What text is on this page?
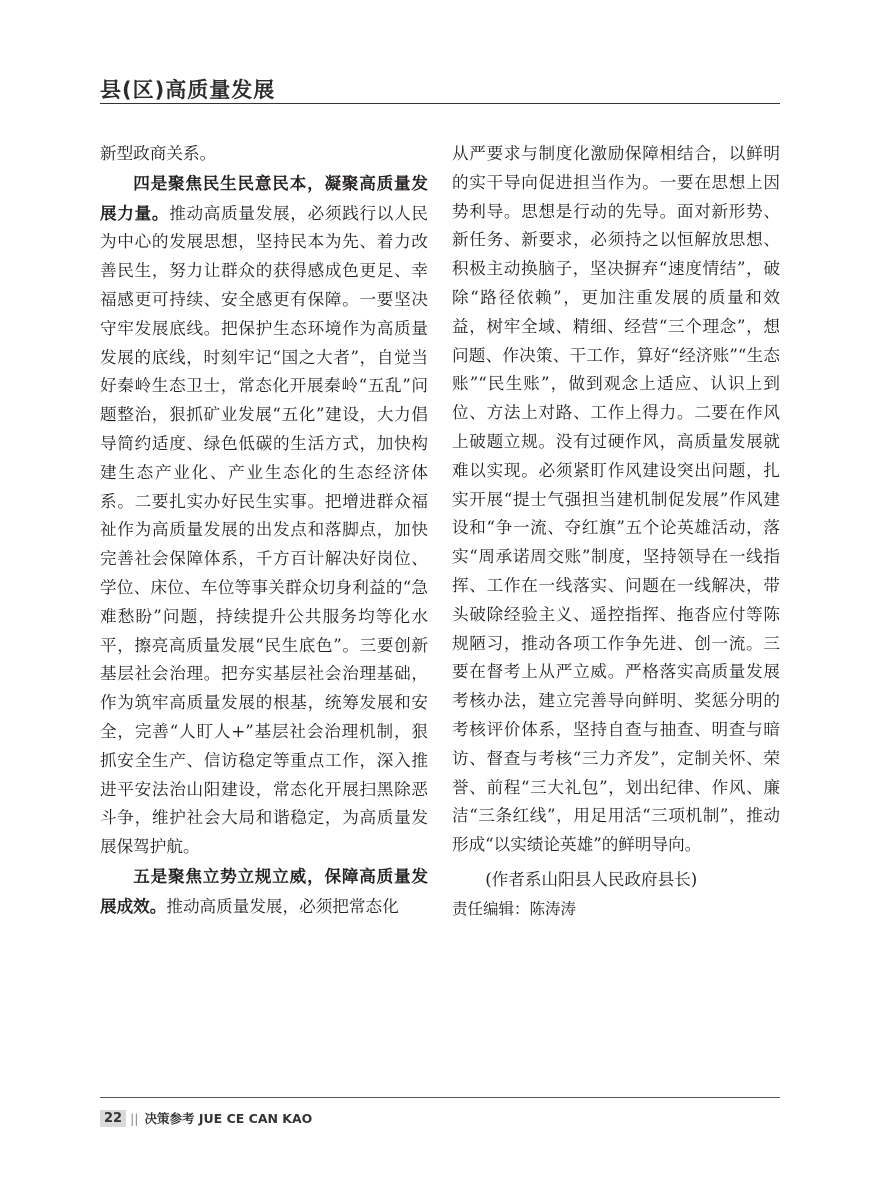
县(区)高质量发展

新型政商关系。

四是聚焦民生民意民本，凝聚高质量发展力量。推动高质量发展，必须践行以人民为中心的发展思想，坚持民本为先、着力改善民生，努力让群众的获得感成色更足、幸福感更可持续、安全感更有保障。一要坚决守牢发展底线。把保护生态环境作为高质量发展的底线，时刻牢记“国之大者”，自觉当好秦岭生态卫士，常态化开展秦岭“五乱”问题整治，狠抓矿业发展“五化”建设，大力倡导简约适度、绿色低碳的生活方式，加快构建生态产业化、产业生态化的生态经济体系。二要扎实办好民生实事。把增进群众福祉作为高质量发展的出发点和落脚点，加快完善社会保障体系，千方百计解决好岗位、学位、床位、车位等事关群众切身利益的“急难愁盼”问题，持续提升公共服务均等化水平，擦亮高质量发展“民生底色”。三要创新基层社会治理。把夯实基层社会治理基础，作为筑牢高质量发展的根基，统筹发展和安全，完善“人盯人+”基层社会治理机制，狠抓安全生产、信访稳定等重点工作，深入推进平安法治山阳建设，常态化开展扫黑除恶斗争，维护社会大局和谐稳定，为高质量发展保驾护航。

五是聚焦立势立规立威，保障高质量发展成效。推动高质量发展，必须把常态化

从严要求与制度化激励保障相结合，以鲜明的实干导向促进担当作为。一要在思想上因势利导。思想是行动的先导。面对新形势、新任务、新要求，必须持之以恒解放思想、积极主动换脑子，坚决摒弃“速度情结”，破除“路径依赖”，更加注重发展的质量和效益，树牢全域、精细、经营“三个理念”，想问题、作决策、干工作，算好“经济账”“生态账”“民生账”，做到观念上适应、认识上到位、方法上对路、工作上得力。二要在作风上破题立规。没有过硬作风，高质量发展就难以实现。必须紧盯作风建设突出问题，扎实开展“提士气强担当建机制促发展”作风建设和“争一流、夺红旗”五个论英雄活动，落实“周承诺周交账”制度，坚持领导在一线指挥、工作在一线落实、问题在一线解决，带头破除经验主义、遥控指挥、拖沓应付等陈规陋习，推动各项工作争先进、创一流。三要在督考上从严立威。严格落实高质量发展考核办法，建立完善导向鲜明、奖惩分明的考核评价体系，坚持自查与抽查、明查与暗访、督查与考核“三力齐发”，定制关怀、荣誉、前程“三大礼包”，划出纪律、作风、廉洁“三条红线”，用足用活“三项机制”，推动形成“以实绩论英雄”的鲜明导向。

(作者系山阳县人民政府县长)

责任编辑：陈涛涛

22 || 决策参考 JUE CE CAN KAO
